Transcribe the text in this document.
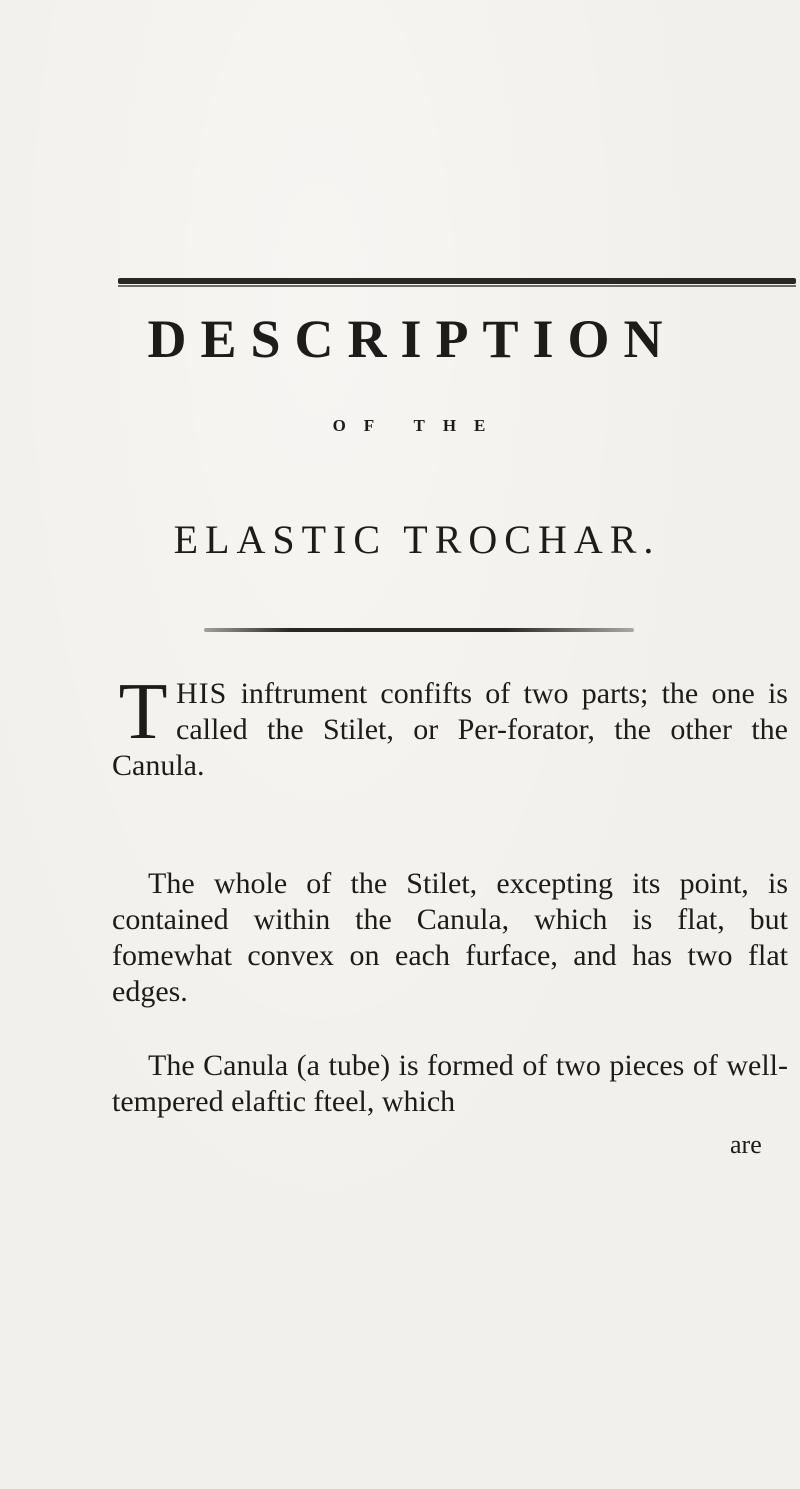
DESCRIPTION
OF THE
ELASTIC TROCHAR.
THIS inftrument confifts of two parts; the one is called the Stilet, or Per-forator, the other the Canula.
The whole of the Stilet, excepting its point, is contained within the Canula, which is flat, but fomewhat convex on each furface, and has two flat edges.
The Canula (a tube) is formed of two pieces of well-tempered elaftic fteel, which
are
